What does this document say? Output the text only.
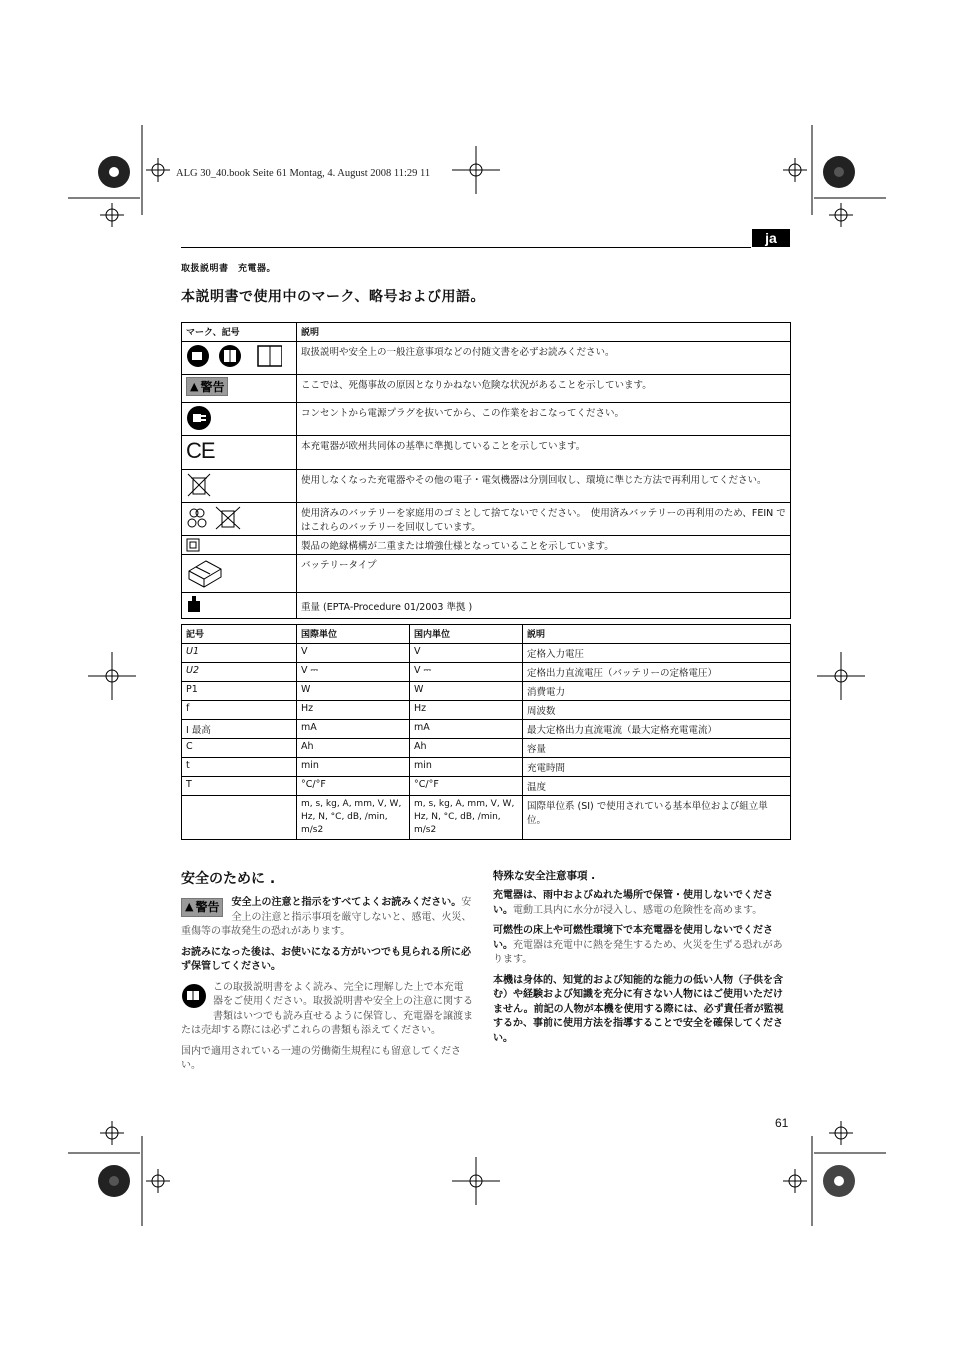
ALG 30_40.book Seite 61 Montag, 4. August 2008 11:29 11
ja
取扱説明書　充電器。
本説明書で使用中のマーク、略号および用語。
マーク、記号	説明
	取扱説明や安全上の一般注意事項などの付随文書を必ずお読みください。

▲ 警告	ここでは、死傷事故の原因となりかねない危険な状況があることを示しています。
	コンセントから電源プラグを抜いてから、この作業をおこなってください。
CE	本充電器が欧州共同体の基準に準拠していることを示しています。
	使用しなくなった充電器やその他の電子・電気機器は分別回収し、環境に準じた方法で再利用してください。
	使用済みのバッテリーを家庭用のゴミとして捨てないでください。　使用済みバッテリーの再利用のため、FEIN ではこれらのバッテリーを回収しています。
	製品の絶縁構構が二重または増強仕様となっていることを示しています。
	バッテリータイプ
	重量 (EPTA-Procedure 01/2003 準拠 )
記号	国際単位	国内単位	説明
U1	V	V	定格入力電圧
U2	V ⎓	V ⎓	定格出力直流電圧（バッテリーの定格電圧）
P1	W	W	消費電力
f	Hz	Hz	周波数
I 最高	mA	mA	最大定格出力直流電流（最大定格充電電流）
C	Ah	Ah	容量
t	min	min	充電時間
T	°C/°F	°C/°F	温度
	m, s, kg, A, mm, V, W, Hz, N, °C, dB, /min, m/s2	m, s, kg, A, mm, V, W, Hz, N, °C, dB, /min, m/s2	国際単位系 (SI) で使用されている基本単位および組立単位。
安全のために .

▲ 警告 安全上の注意と指示をすべてよくお読みください。安全上の注意と指示事項を厳守しないと、感電、火災、重傷等の事故発生の恐れがあります。

お読みになった後は、お使いになる方がいつでも見られる所に必ず保管してください。

この取扱説明書をよく読み、完全に理解した上で本充電器をご使用ください。取扱説明書や安全上の注意に関する書類はいつでも読み直せるように保管し、充電器を譲渡または売却する際には必ずこれらの書類も添えてください。

国内で適用されている一連の労働衛生規程にも留意してください。

特殊な安全注意事項 .

充電器は、雨中およびぬれた場所で保管・使用しないでください。電動工具内に水分が浸入し、感電の危険性を高めます。

可燃性の床上や可燃性環境下で本充電器を使用しないでください。充電器は充電中に熱を発生するため、火災を生ずる恐れがあります。

本機は身体的、知覚的および知能的な能力の低い人物（子供を含む）や経験および知識を充分に有さない人物にはご使用いただけません。前記の人物が本機を使用する際には、必ず責任者が監視するか、事前に使用方法を指導することで安全を確保してください。

61
